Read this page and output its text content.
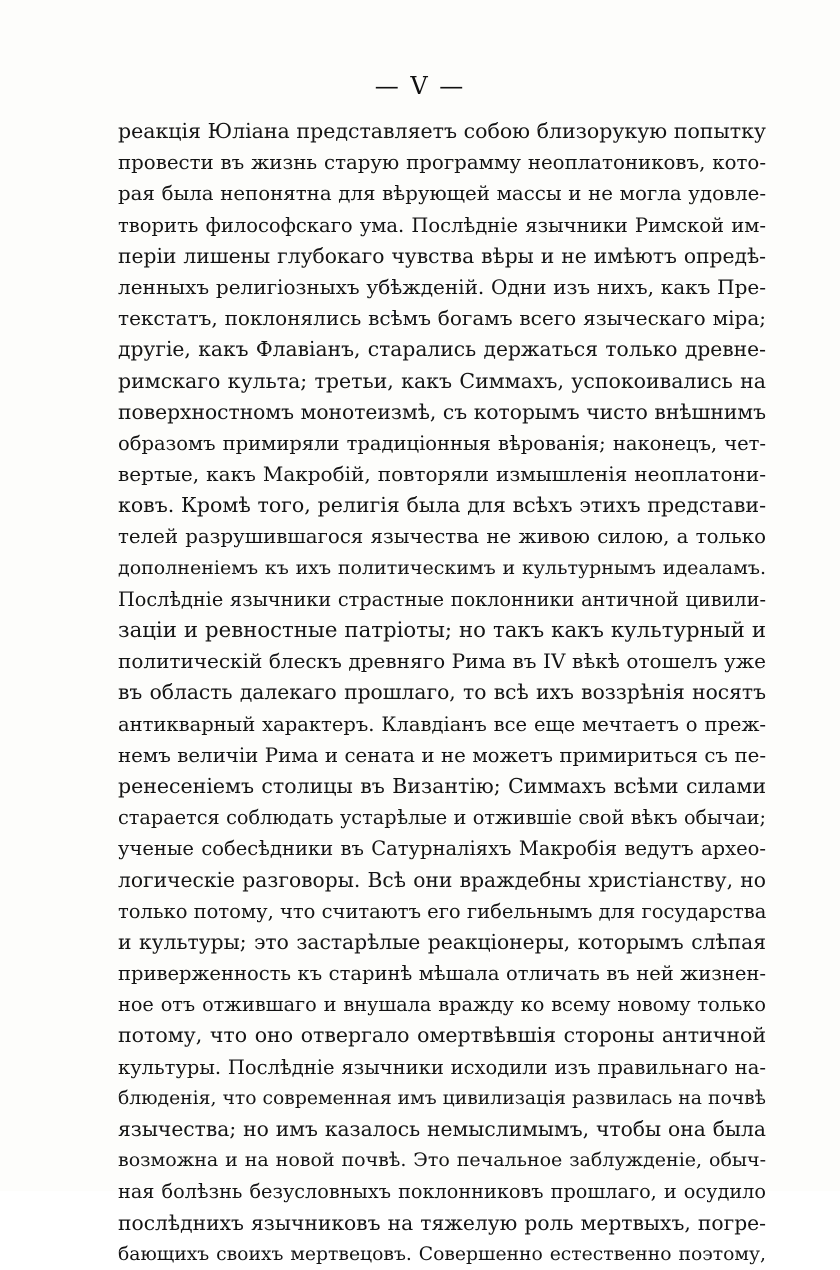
— V —
реакція Юліана представляетъ собою близорукую попытку
провести въ жизнь старую программу неоплатониковъ, кото-
рая была непонятна для вѣрующей массы и не могла удовле-
творить философскаго ума. Послѣдніе язычники Римской им-
періи лишены глубокаго чувства вѣры и не имѣютъ опредѣ-
ленныхъ религіозныхъ убѣжденій. Одни изъ нихъ, какъ Пре-
текстатъ, поклонялись всѣмъ богамъ всего языческаго міра;
другіе, какъ Флавіанъ, старались держаться только древне-
римскаго культа; третьи, какъ Симмахъ, успокоивались на
поверхностномъ монотеизмѣ, съ которымъ чисто внѣшнимъ
образомъ примиряли традиціонныя вѣрованія; наконецъ, чет-
вертые, какъ Макробій, повторяли измышленія неоплатони-
ковъ. Кромѣ того, религія была для всѣхъ этихъ представи-
телей разрушившагося язычества не живою силою, а только
дополненіемъ къ ихъ политическимъ и культурнымъ идеаламъ.
Послѣдніе язычники страстные поклонники античной цивили-
заціи и ревностные патріоты; но такъ какъ культурный и
политическій блескъ древняго Рима въ IV вѣкѣ отошелъ уже
въ область далекаго прошлаго, то всѣ ихъ воззрѣнія носятъ
антикварный характеръ. Клавдіанъ все еще мечтаетъ о преж-
немъ величіи Рима и сената и не можетъ примириться съ пе-
ренесеніемъ столицы въ Византію; Симмахъ всѣми силами
старается соблюдать устарѣлые и отжившіе свой вѣкъ обычаи;
ученые собесѣдники въ Сатурналіяхъ Макробія ведутъ архео-
логическіе разговоры. Всѣ они враждебны христіанству, но
только потому, что считаютъ его гибельнымъ для государства
и культуры; это застарѣлые реакціонеры, которымъ слѣпая
приверженность къ старинѣ мѣшала отличать въ ней жизнен-
ное отъ отжившаго и внушала вражду ко всему новому только
потому, что оно отвергало омертвѣвшія стороны античной
культуры. Послѣдніе язычники исходили изъ правильнаго на-
блюденія, что современная имъ цивилизація развилась на почвѣ
язычества; но имъ казалось немыслимымъ, чтобы она была
возможна и на новой почвѣ. Это печальное заблужденіе, обыч-
ная болѣзнь безусловныхъ поклонниковъ прошлаго, и осудило
послѣднихъ язычниковъ на тяжелую роль мертвыхъ, погре-
бающихъ своихъ мертвецовъ. Совершенно естественно поэтому,
